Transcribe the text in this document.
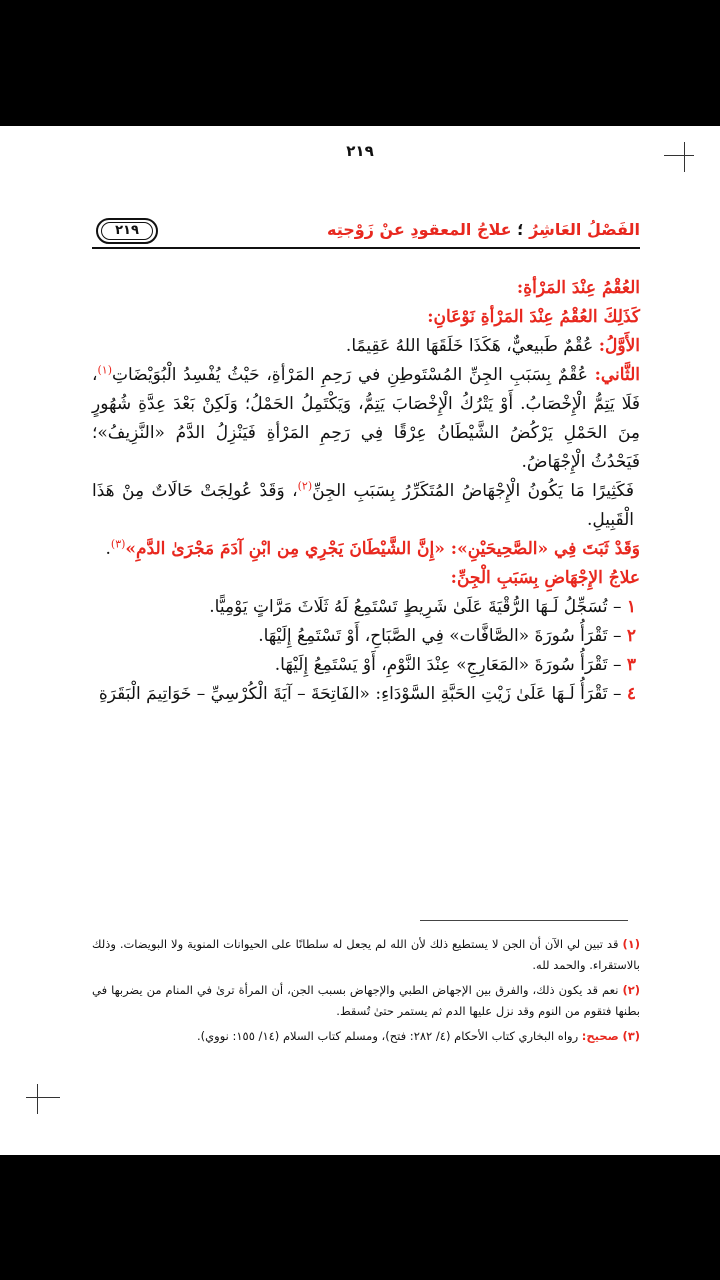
٢١٩
الفَصْلُ العَاشِرُ ؛ علاجُ المعقودِ عنْ زَوْجتِه
٢١٩

العُقْمُ عِنْدَ المَرْأةِ:

كَذَلِكَ العُقْمُ عِنْدَ المَرْأةِ نَوْعَانِ:

الأَوَّلُ: عُقْمٌ طَبيعيٌّ، هَكَذَا خَلَقَهَا اللهُ عَقِيمًا.

الثَّاني: عُقْمٌ بِسَبَبِ الجِنِّ المُسْتَوطِنِ في رَحِمِ المَرْأةِ، حَيْثُ يُفْسِدُ الْبُوَيْضَاتِ$^{(١)}$، فَلَا يَتِمُّ الْإِخْصَابُ. أَوْ يَتْرُكُ الْإِخْصَابَ يَتِمُّ، وَيَكْتَمِلُ الحَمْلُ؛ وَلَكِنْ بَعْدَ عِدَّةِ شُهُورٍ مِنَ الحَمْلِ يَرْكُضُ الشَّيْطَانُ عِرْقًا فِي رَحِمِ المَرْأةِ فَيَنْزِلُ الدَّمُ «النَّزِيفُ»؛ فَيَحْدُثُ الْإِجْهَاضُ.

فَكَثِيرًا مَا يَكُونُ الْإِجْهَاضُ المُتَكَرِّرُ بِسَبَبِ الجِنِّ$^{(٢)}$، وَقَدْ عُولِجَتْ حَالَاتٌ مِنْ هَذَا الْقَبِيلِ.

وَقَدْ ثَبَتَ فِي «الصَّحِيحَيْنِ»: «إِنَّ الشَّيْطَانَ يَجْرِي مِن ابْنِ آدَمَ مَجْرَىٰ الدَّمِ»$^{(٣)}$.

علاجُ الإِجْهَاضِ بِسَبَبِ الْجِنِّ:

١ – تُسَجِّلُ لَـهَا الرُّقْيَةَ عَلَىٰ شَرِيطٍ تَسْتَمِعُ لَهُ ثَلَاثَ مَرَّاتٍ يَوْمِيًّا.

٢ – تَقْرَأُ سُورَةَ «الصَّافَّات» فِي الصَّبَاحِ، أَوْ تَسْتَمِعُ إِلَيْهَا.

٣ – تَقْرَأُ سُورَةَ «المَعَارِجِ» عِنْدَ النَّوْمِ، أَوْ يَسْتَمِعُ إِلَيْهَا.

٤ – تَقْرَأُ لَـهَا عَلَىٰ زَيْتِ الحَبَّةِ السَّوْدَاءِ: «الفَاتِحَةَ – آيَةَ الْكُرْسِيِّ – خَوَاتِيمَ الْبَقَرَةِ

(١) قد تبين لي الآن أن الجن لا يستطيع ذلك لأن الله لم يجعل له سلطانًا على الحيوانات المنوية ولا البويضات. وذلك بالاستقراء. والحمد لله.

(٢) نعم قد يكون ذلك، والفرق بين الإجهاض الطبي والإجهاض بسبب الجن، أن المرأة ترىٰ في المنام من يضربها في بطنها فتقوم من النوم وقد نزل عليها الدم ثم يستمر حتىٰ تُسقط.

(٣) صحيح: رواه البخاري كتاب الأحكام (٤/ ٢٨٢: فتح)، ومسلم كتاب السلام (١٤/ ١٥٥: نووي).
